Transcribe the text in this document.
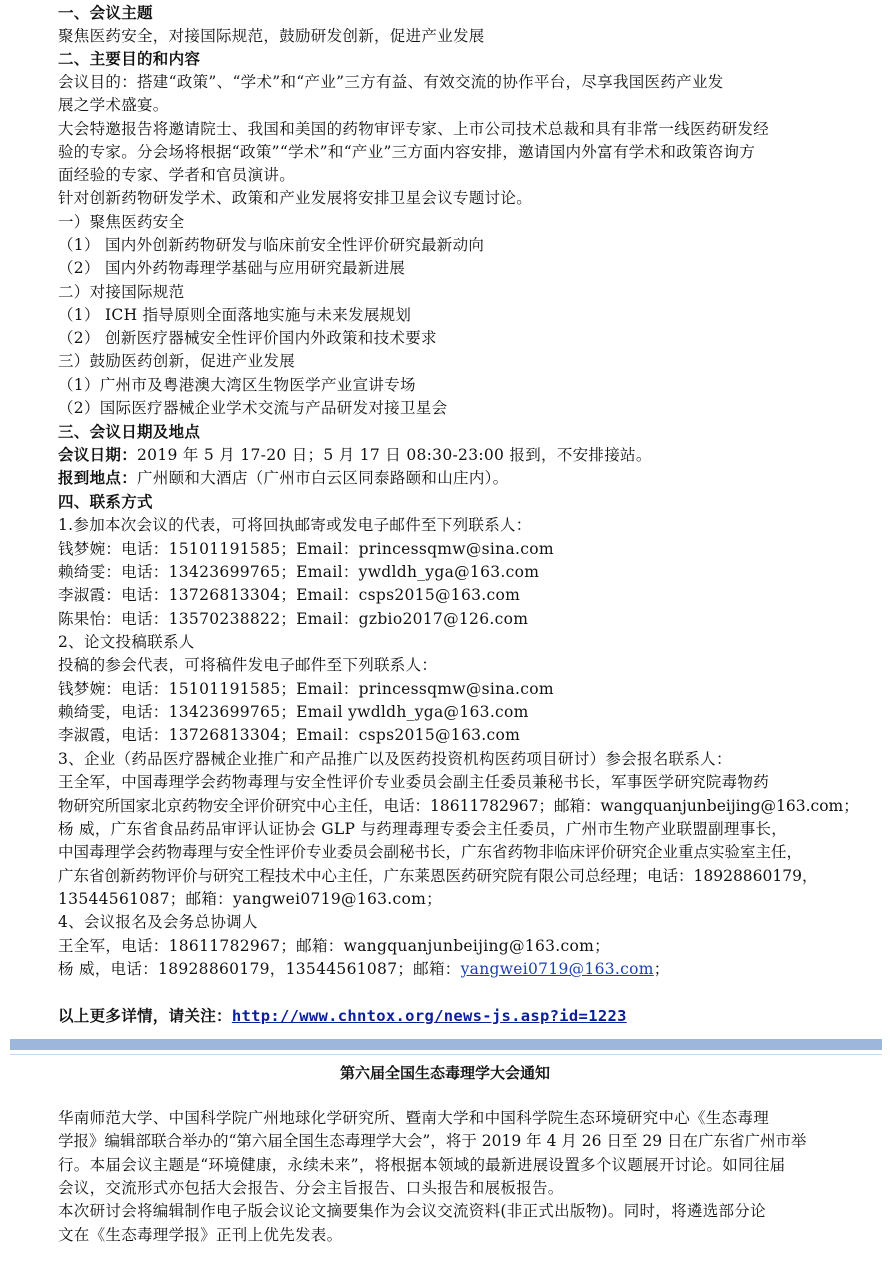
一、会议主题
聚焦医药安全，对接国际规范，鼓励研发创新，促进产业发展
二、主要目的和内容
会议目的：搭建“政策”、“学术”和“产业”三方有益、有效交流的协作平台，尽享我国医药产业发
展之学术盛宴。
大会特邀报告将邀请院士、我国和美国的药物审评专家、上市公司技术总裁和具有非常一线医药研发经
验的专家。分会场将根据“政策”“学术”和“产业”三方面内容安排，邀请国内外富有学术和政策咨询方
面经验的专家、学者和官员演讲。
针对创新药物研发学术、政策和产业发展将安排卫星会议专题讨论。
一）聚焦医药安全
（1） 国内外创新药物研发与临床前安全性评价研究最新动向
（2） 国内外药物毒理学基础与应用研究最新进展
二）对接国际规范
（1） ICH 指导原则全面落地实施与未来发展规划
（2） 创新医疗器械安全性评价国内外政策和技术要求
三）鼓励医药创新，促进产业发展
（1）广州市及粤港澳大湾区生物医学产业宣讲专场
（2）国际医疗器械企业学术交流与产品研发对接卫星会
三、会议日期及地点
会议日期：2019 年 5 月 17-20 日；5 月 17 日 08:30-23:00 报到，不安排接站。
报到地点：广州颐和大酒店（广州市白云区同泰路颐和山庄内）。
四、联系方式
1.参加本次会议的代表，可将回执邮寄或发电子邮件至下列联系人：
钱梦婉：电话：15101191585；Email：princessqmw@sina.com
赖绮雯：电话：13423699765；Email：ywdldh_yga@163.com
李淑霞：电话：13726813304；Email：csps2015@163.com
陈果怡：电话：13570238822；Email：gzbio2017@126.com
2、论文投稿联系人
投稿的参会代表，可将稿件发电子邮件至下列联系人：
钱梦婉：电话：15101191585；Email：princessqmw@sina.com
赖绮雯，电话：13423699765；Email ywdldh_yga@163.com
李淑霞，电话：13726813304；Email：csps2015@163.com
3、企业（药品医疗器械企业推广和产品推广以及医药投资机构医药项目研讨）参会报名联系人：
王全军，中国毒理学会药物毒理与安全性评价专业委员会副主任委员兼秘书长，军事医学研究院毒物药
物研究所国家北京药物安全评价研究中心主任，电话：18611782967；邮箱：wangquanjunbeijing@163.com；
杨 威，广东省食品药品审评认证协会 GLP 与药理毒理专委会主任委员，广州市生物产业联盟副理事长，
中国毒理学会药物毒理与安全性评价专业委员会副秘书长，广东省药物非临床评价研究企业重点实验室主任，
广东省创新药物评价与研究工程技术中心主任，广东莱恩医药研究院有限公司总经理；电话：18928860179，
13544561087；邮箱：yangwei0719@163.com；
4、会议报名及会务总协调人
王全军，电话：18611782967；邮箱：wangquanjunbeijing@163.com；
杨 威，电话：18928860179，13544561087；邮箱：yangwei0719@163.com；
以上更多详情，请关注：http://www.chntox.org/news-js.asp?id=1223
第六届全国生态毒理学大会通知
华南师范大学、中国科学院广州地球化学研究所、暨南大学和中国科学院生态环境研究中心《生态毒理
学报》编辑部联合举办的“第六届全国生态毒理学大会”，将于 2019 年 4 月 26 日至 29 日在广东省广州市举
行。本届会议主题是“环境健康，永续未来”，将根据本领域的最新进展设置多个议题展开讨论。如同往届
会议，交流形式亦包括大会报告、分会主旨报告、口头报告和展板报告。
本次研讨会将编辑制作电子版会议论文摘要集作为会议交流资料(非正式出版物)。同时，将遴选部分论
文在《生态毒理学报》正刊上优先发表。
